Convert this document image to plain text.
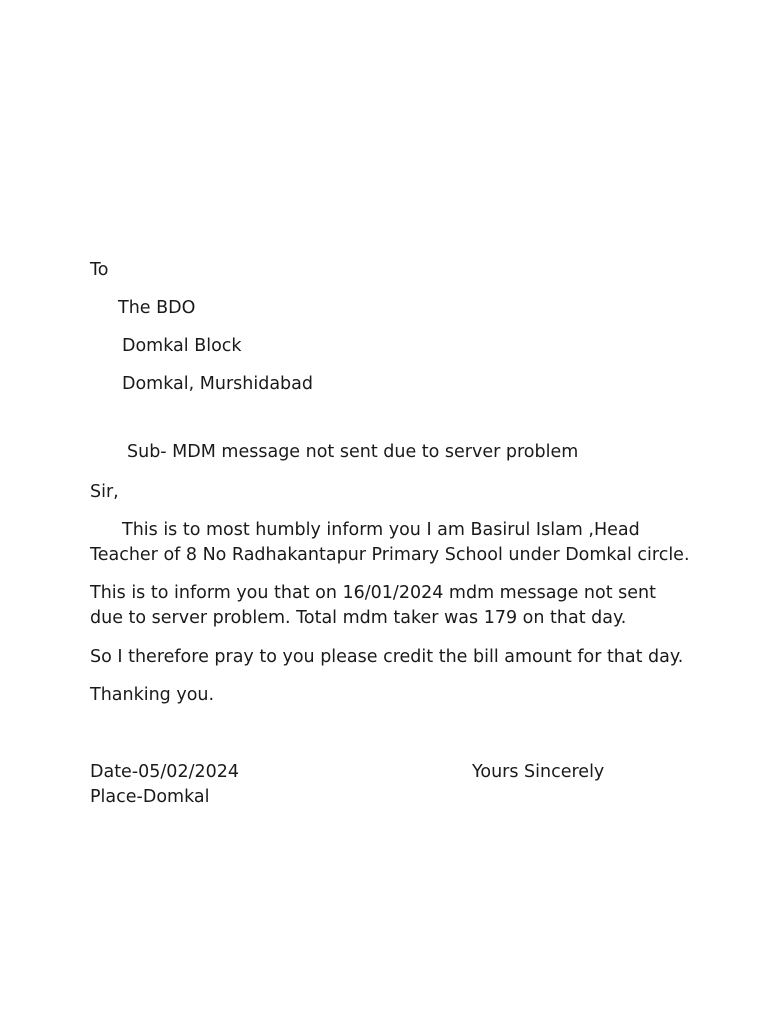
To
The BDO
Domkal Block
Domkal, Murshidabad
Sub- MDM message not sent due to server problem
Sir,
This is to most humbly inform you I am Basirul Islam ,Head Teacher of 8 No Radhakantapur Primary School under Domkal circle.
This is to inform you that on 16/01/2024 mdm message not sent due to server problem. Total mdm taker was 179 on that day.
So I therefore pray to you please credit the bill amount for that day.
Thanking you.
Date-05/02/2024	Yours Sincerely
Place-Domkal
